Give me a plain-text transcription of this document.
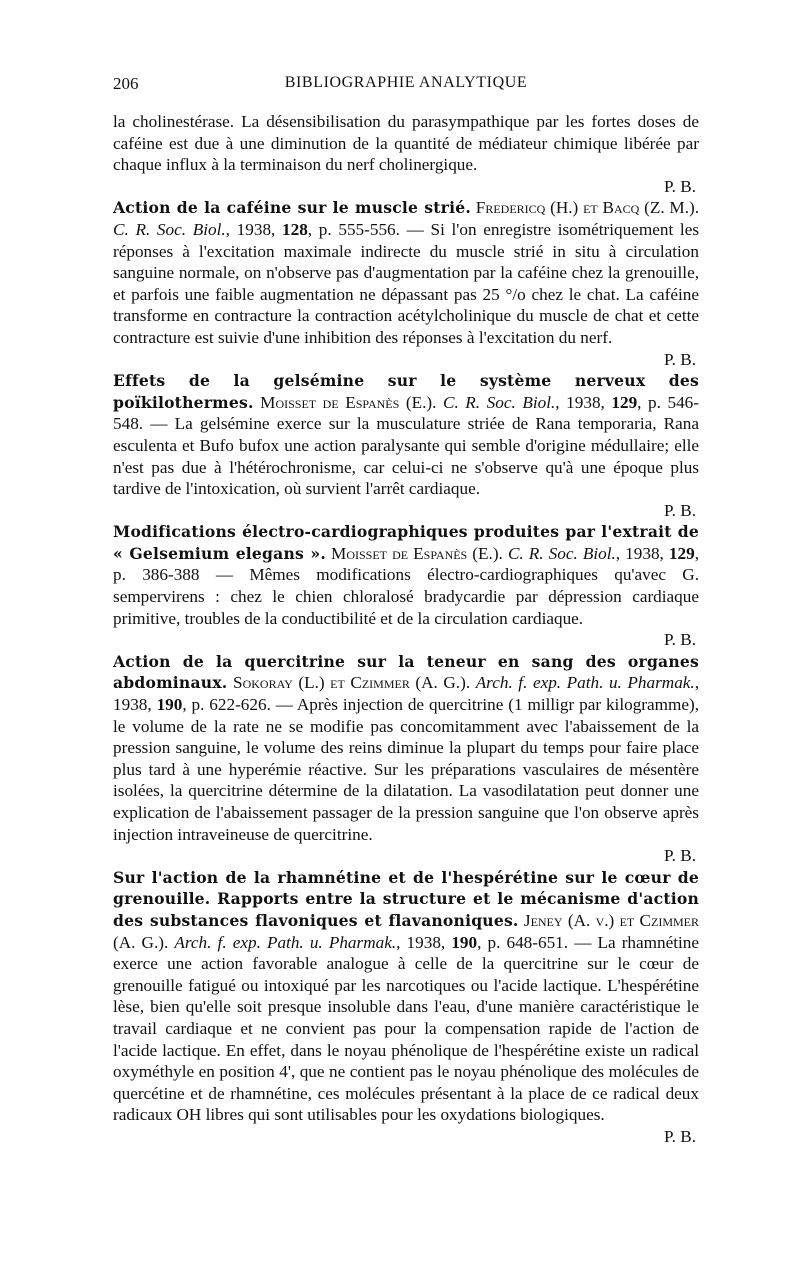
206	BIBLIOGRAPHIE ANALYTIQUE

la cholinestérase. La désensibilisation du parasympathique par les fortes doses de caféine est due à une diminution de la quantité de médiateur chimique libérée par chaque influx à la terminaison du nerf cholinergique.
P. B.

Action de la caféine sur le muscle strié. Fredericq (H.) et Bacq (Z. M.). C. R. Soc. Biol., 1938, 128, p. 555-556. — Si l'on enregistre isométriquement les réponses à l'excitation maximale indirecte du muscle strié in situ à circulation sanguine normale, on n'observe pas d'augmentation par la caféine chez la grenouille, et parfois une faible augmentation ne dépassant pas 25 °/o chez le chat. La caféine transforme en contracture la contraction acétylcholinique du muscle de chat et cette contracture est suivie d'une inhibition des réponses à l'excitation du nerf.
P. B.

Effets de la gelsémine sur le système nerveux des poïkilothermes. Moisset de Espanès (E.). C. R. Soc. Biol., 1938, 129, p. 546-548. — La gelsémine exerce sur la musculature striée de Rana temporaria, Rana esculenta et Bufo bufox une action paralysante qui semble d'origine médullaire; elle n'est pas due à l'hétérochronisme, car celui-ci ne s'observe qu'à une époque plus tardive de l'intoxication, où survient l'arrêt cardiaque.
P. B.

Modifications électro-cardiographiques produites par l'extrait de « Gelsemium elegans ». Moisset de Espanès (E.). C. R. Soc. Biol., 1938, 129, p. 386-388 — Mêmes modifications électro-cardiographiques qu'avec G. sempervirens : chez le chien chloralosé bradycardie par dépression cardiaque primitive, troubles de la conductibilité et de la circulation cardiaque.
P. B.

Action de la quercitrine sur la teneur en sang des organes abdominaux. Sokoray (L.) et Czimmer (A. G.). Arch. f. exp. Path. u. Pharmak., 1938, 190, p. 622-626. — Après injection de quercitrine (1 milligr par kilogramme), le volume de la rate ne se modifie pas concomitamment avec l'abaissement de la pression sanguine, le volume des reins diminue la plupart du temps pour faire place plus tard à une hyperémie réactive. Sur les préparations vasculaires de mésentère isolées, la quercitrine détermine de la dilatation. La vasodilatation peut donner une explication de l'abaissement passager de la pression sanguine que l'on observe après injection intraveineuse de quercitrine.
P. B.

Sur l'action de la rhamnétine et de l'hespérétine sur le cœur de grenouille. Rapports entre la structure et le mécanisme d'action des substances flavoniques et flavanoniques. Jeney (A. v.) et Czimmer (A. G.). Arch. f. exp. Path. u. Pharmak., 1938, 190, p. 648-651. — La rhamnétine exerce une action favorable analogue à celle de la quercitrine sur le cœur de grenouille fatigué ou intoxiqué par les narcotiques ou l'acide lactique. L'hespérétine lèse, bien qu'elle soit presque insoluble dans l'eau, d'une manière caractéristique le travail cardiaque et ne convient pas pour la compensation rapide de l'action de l'acide lactique. En effet, dans le noyau phénolique de l'hespérétine existe un radical oxyméthyle en position 4', que ne contient pas le noyau phénolique des molécules de quercétine et de rhamnétine, ces molécules présentant à la place de ce radical deux radicaux OH libres qui sont utilisables pour les oxydations biologiques.
P. B.
